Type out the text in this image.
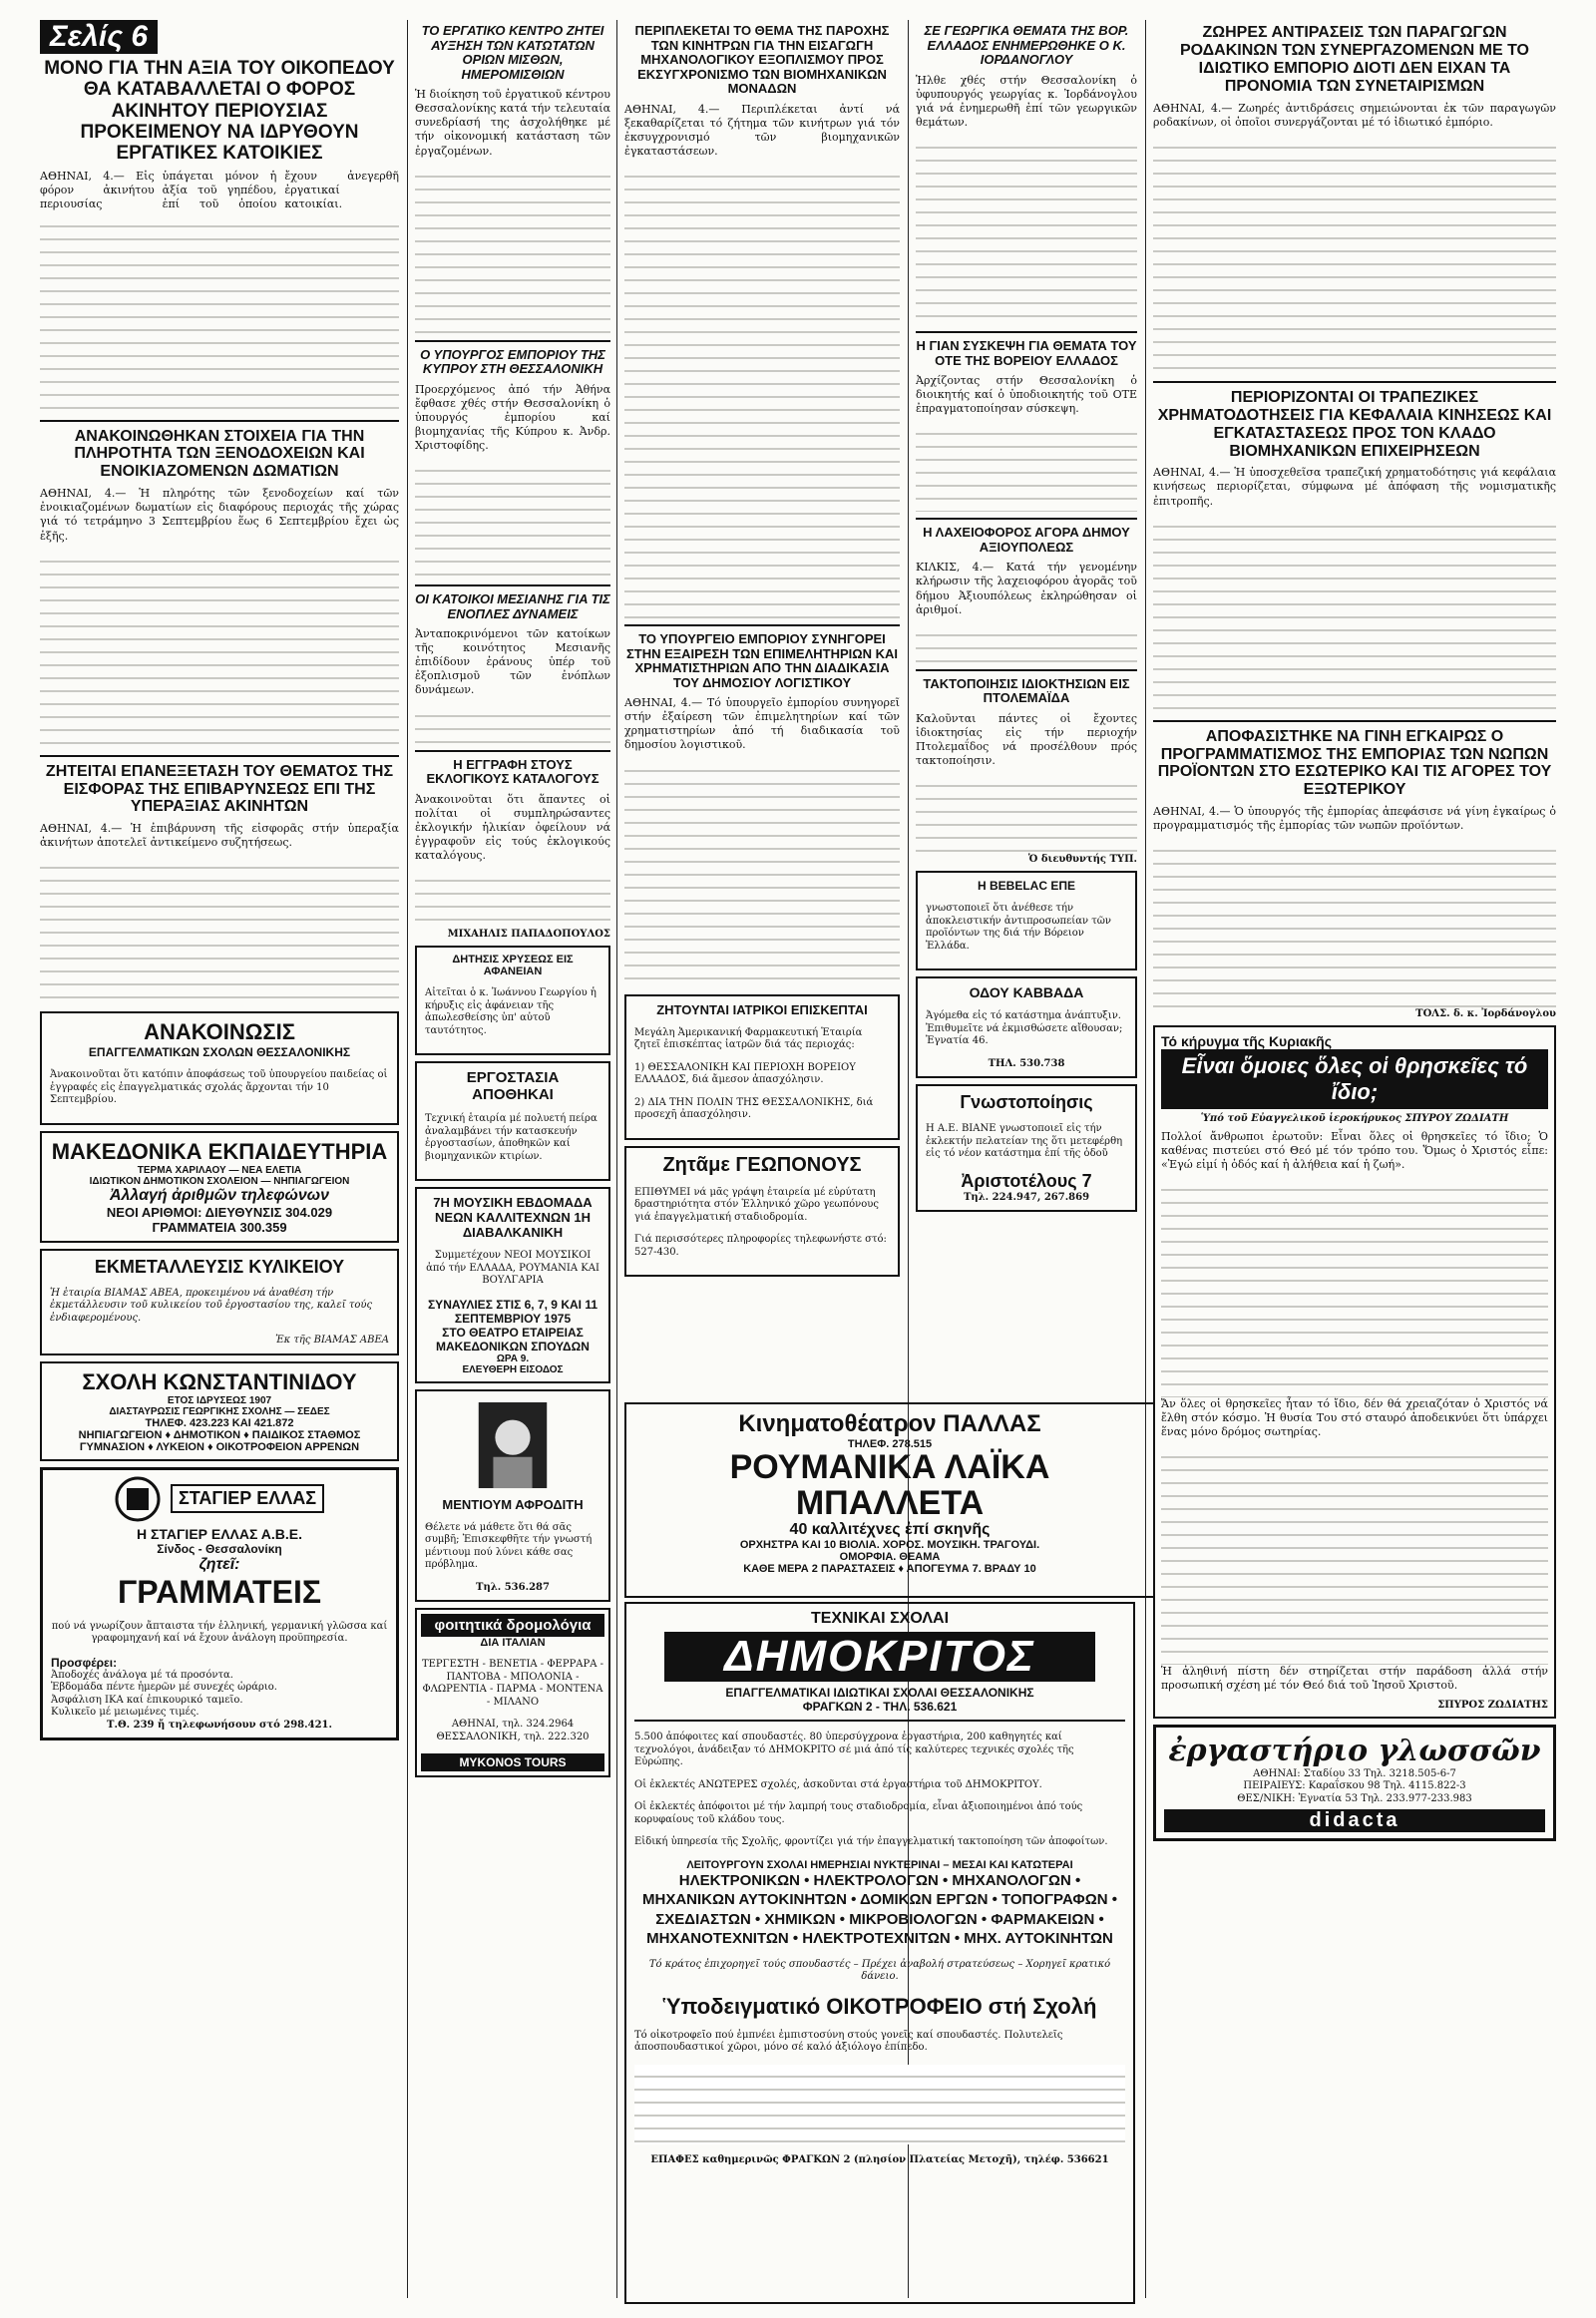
Σελίς 6
ΜΟΝΟ ΓΙΑ ΤΗΝ ΑΞΙΑ ΤΟΥ ΟΙΚΟΠΕΔΟΥ ΘΑ ΚΑΤΑΒΑΛΛΕΤΑΙ Ο ΦΟΡΟΣ ΑΚΙΝΗΤΟΥ ΠΕΡΙΟΥΣΙΑΣ ΠΡΟΚΕΙΜΕΝΟΥ ΝΑ ΙΔΡΥΘΟΥΝ ΕΡΓΑΤΙΚΕΣ ΚΑΤΟΙΚΙΕΣ

ΑΘΗΝΑΙ, 4.— Εἰς φόρον ἀκινήτου περιουσίας ὑπάγεται μόνον ἡ ἀξία τοῦ γηπέδου, ἐπί τοῦ ὁποίου ἔχουν ἀνεγερθῆ ἐργατικαί κατοικίαι.

ΑΝΑΚΟΙΝΩΘΗΚΑΝ ΣΤΟΙΧΕΙΑ ΓΙΑ ΤΗΝ ΠΛΗΡΟΤΗΤΑ ΤΩΝ ΞΕΝΟΔΟΧΕΙΩΝ ΚΑΙ ΕΝΟΙΚΙΑΖΟΜΕΝΩΝ ΔΩΜΑΤΙΩΝ

ΑΘΗΝΑΙ, 4.— Ἡ πληρότης τῶν ξενοδοχείων καί τῶν ἐνοικιαζομένων δωματίων εἰς διαφόρους περιοχάς τῆς χώρας γιά τό τετράμηνο 3 Σεπτεμβρίου ἕως 6 Σεπτεμβρίου ἔχει ὡς ἑξῆς.

ΖΗΤΕΙΤΑΙ ΕΠΑΝΕΞΕΤΑΣΗ ΤΟΥ ΘΕΜΑΤΟΣ ΤΗΣ ΕΙΣΦΟΡΑΣ ΤΗΣ ΕΠΙΒΑΡΥΝΣΕΩΣ ΕΠΙ ΤΗΣ ΥΠΕΡΑΞΙΑΣ ΑΚΙΝΗΤΩΝ

ΑΘΗΝΑΙ, 4.— Ἡ ἐπιβάρυνση τῆς εἰσφορᾶς στήν ὑπεραξία ἀκινήτων ἀποτελεῖ ἀντικείμενο συζητήσεως.

ΑΝΑΚΟΙΝΩΣΙΣ
ΕΠΑΓΓΕΛΜΑΤΙΚΩΝ ΣΧΟΛΩΝ ΘΕΣΣΑΛΟΝΙΚΗΣ

Ἀνακοινοῦται ὅτι κατόπιν ἀποφάσεως τοῦ ὑπουργείου παιδείας οἱ ἐγγραφές εἰς ἐπαγγελματικάς σχολάς ἄρχονται τήν 10 Σεπτεμβρίου.

ΜΑΚΕΔΟΝΙΚΑ ΕΚΠΑΙΔΕΥΤΗΡΙΑ
ΤΕΡΜΑ ΧΑΡΙΛΑΟΥ — ΝΕΑ ΕΛΕΤΙΑ
ΙΔΙΩΤΙΚΟΝ ΔΗΜΟΤΙΚΟΝ ΣΧΟΛΕΙΟΝ — ΝΗΠΙΑΓΩΓΕΙΟΝ
Ἀλλαγή ἀριθμῶν τηλεφώνων
ΝΕΟΙ ΑΡΙΘΜΟΙ: ΔΙΕΥΘΥΝΣΙΣ 304.029
ΓΡΑΜΜΑΤΕΙΑ 300.359
ΕΚΜΕΤΑΛΛΕΥΣΙΣ ΚΥΛΙΚΕΙΟΥ

Ἡ ἑταιρία ΒΙΑΜΑΣ ΑΒΕΑ, προκειμένου νά ἀναθέση τήν ἐκμετάλλευσιν τοῦ κυλικείου τοῦ ἐργοστασίου της, καλεῖ τούς ἐνδιαφερομένους.

Ἐκ τῆς ΒΙΑΜΑΣ ΑΒΕΑ
ΣΧΟΛΗ ΚΩΝΣΤΑΝΤΙΝΙΔΟΥ
ΕΤΟΣ ΙΔΡΥΣΕΩΣ 1907
ΔΙΑΣΤΑΥΡΩΣΙΣ ΓΕΩΡΓΙΚΗΣ ΣΧΟΛΗΣ — ΣΕΔΕΣ
ΤΗΛΕΦ. 423.223 ΚΑΙ 421.872
ΝΗΠΙΑΓΩΓΕΙΟΝ ♦ ΔΗΜΟΤΙΚΟΝ ♦ ΠΑΙΔΙΚΟΣ ΣΤΑΘΜΟΣ
ΓΥΜΝΑΣΙΟΝ ♦ ΛΥΚΕΙΟΝ ♦ ΟΙΚΟΤΡΟΦΕΙΟΝ ΑΡΡΕΝΩΝ
ΣΤΑΓΙΕΡ ΕΛΛΑΣ
Η ΣΤΑΓΙΕΡ ΕΛΛΑΣ Α.Β.Ε.
Σίνδος - Θεσσαλονίκη
ζητεῖ:
ΓΡΑΜΜΑΤΕΙΣ

πού νά γνωρίζουν ἄπταιστα τήν ἑλληνική, γερμανική γλῶσσα καί γραφομηχανή καί νά ἔχουν ἀνάλογη προϋπηρεσία.

Προσφέρει:
Ἀποδοχές ἀνάλογα μέ τά προσόντα.
Ἑβδομάδα πέντε ἡμερῶν μέ συνεχές ὡράριο.
Ἀσφάλιση ΙΚΑ καί ἐπικουρικό ταμεῖο.
Κυλικεῖο μέ μειωμένες τιμές.
Τ.Θ. 239 ἤ τηλεφωνήσουν στό 298.421.
ΤΟ ΕΡΓΑΤΙΚΟ ΚΕΝΤΡΟ ΖΗΤΕΙ ΑΥΞΗΣΗ ΤΩΝ ΚΑΤΩΤΑΤΩΝ ΟΡΙΩΝ ΜΙΣΘΩΝ, ΗΜΕΡΟΜΙΣΘΙΩΝ

Ἡ διοίκηση τοῦ ἐργατικοῦ κέντρου Θεσσαλονίκης κατά τήν τελευταία συνεδρίασή της ἀσχολήθηκε μέ τήν οἰκονομική κατάσταση τῶν ἐργαζομένων.

Ο ΥΠΟΥΡΓΟΣ ΕΜΠΟΡΙΟΥ ΤΗΣ ΚΥΠΡΟΥ ΣΤΗ ΘΕΣΣΑΛΟΝΙΚΗ

Προερχόμενος ἀπό τήν Ἀθήνα ἔφθασε χθές στήν Θεσσαλονίκη ὁ ὑπουργός ἐμπορίου καί βιομηχανίας τῆς Κύπρου κ. Ἀνδρ. Χριστοφίδης.

ΟΙ ΚΑΤΟΙΚΟΙ ΜΕΣΙΑΝΗΣ ΓΙΑ ΤΙΣ ΕΝΟΠΛΕΣ ΔΥΝΑΜΕΙΣ

Ἀνταποκρινόμενοι τῶν κατοίκων τῆς κοινότητος Μεσιανῆς ἐπιδίδουν ἐράνους ὑπέρ τοῦ ἐξοπλισμοῦ τῶν ἐνόπλων δυνάμεων.

Η ΕΓΓΡΑΦΗ ΣΤΟΥΣ ΕΚΛΟΓΙΚΟΥΣ ΚΑΤΑΛΟΓΟΥΣ

Ἀνακοινοῦται ὅτι ἅπαντες οἱ πολίται οἱ συμπληρώσαντες ἐκλογικήν ἡλικίαν ὀφείλουν νά ἐγγραφοῦν εἰς τούς ἐκλογικούς καταλόγους.

ΜΙΧΑΗΛΙΣ ΠΑΠΑΔΟΠΟΥΛΟΣ
ΔΗΤΗΣΙΣ ΧΡΥΣΕΩΣ ΕΙΣ ΑΦΑΝΕΙΑΝ

Αἰτεῖται ὁ κ. Ἰωάννου Γεωργίου ἡ κήρυξις εἰς ἀφάνειαν τῆς ἀπωλεσθείσης ὑπ' αὐτοῦ ταυτότητος.

ΕΡΓΟΣΤΑΣΙΑ
ΑΠΟΘΗΚΑΙ

Τεχνική ἑταιρία μέ πολυετή πείρα ἀναλαμβάνει τήν κατασκευήν ἐργοστασίων, ἀποθηκῶν καί βιομηχανικῶν κτιρίων.

7Η ΜΟΥΣΙΚΗ ΕΒΔΟΜΑΔΑ ΝΕΩΝ ΚΑΛΛΙΤΕΧΝΩΝ 1Η ΔΙΑΒΑΛΚΑΝΙΚΗ

Συμμετέχουν ΝΕΟΙ ΜΟΥΣΙΚΟΙ ἀπό τήν ΕΛΛΑΔΑ, ΡΟΥΜΑΝΙΑ ΚΑΙ ΒΟΥΛΓΑΡΙΑ

ΣΥΝΑΥΛΙΕΣ ΣΤΙΣ 6, 7, 9 ΚΑΙ 11 ΣΕΠΤΕΜΒΡΙΟΥ 1975
ΣΤΟ ΘΕΑΤΡΟ ΕΤΑΙΡΕΙΑΣ ΜΑΚΕΔΟΝΙΚΩΝ ΣΠΟΥΔΩΝ
ΩΡΑ 9.
ΕΛΕΥΘΕΡΗ ΕΙΣΟΔΟΣ
ΜΕΝΤΙΟΥΜ ΑΦΡΟΔΙΤΗ

Θέλετε νά μάθετε ὅτι θά σᾶς συμβῆ; Ἐπισκεφθῆτε τήν γνωστή μέντιουμ πού λύνει κάθε σας πρόβλημα.

Τηλ. 536.287
φοιτητικά δρομολόγια
ΔΙΑ ΙΤΑΛΙΑΝ

ΤΕΡΓΕΣΤΗ - ΒΕΝΕΤΙΑ - ΦΕΡΡΑΡΑ - ΠΑΝΤΟΒΑ - ΜΠΟΛΟΝΙΑ - ΦΛΩΡΕΝΤΙΑ - ΠΑΡΜΑ - ΜΟΝΤΕΝΑ - ΜΙΛΑΝΟ

ΑΘΗΝΑΙ, τηλ. 324.2964 ΘΕΣΣΑΛΟΝΙΚΗ, τηλ. 222.320

MYKONOS TOURS
ΠΕΡΙΠΛΕΚΕΤΑΙ ΤΟ ΘΕΜΑ ΤΗΣ ΠΑΡΟΧΗΣ ΤΩΝ ΚΙΝΗΤΡΩΝ ΓΙΑ ΤΗΝ ΕΙΣΑΓΩΓΗ ΜΗΧΑΝΟΛΟΓΙΚΟΥ ΕΞΟΠΛΙΣΜΟΥ ΠΡΟΣ ΕΚΣΥΓΧΡΟΝΙΣΜΟ ΤΩΝ ΒΙΟΜΗΧΑΝΙΚΩΝ ΜΟΝΑΔΩΝ

ΑΘΗΝΑΙ, 4.— Περιπλέκεται ἀντί νά ξεκαθαρίζεται τό ζήτημα τῶν κινήτρων γιά τόν ἐκσυγχρονισμό τῶν βιομηχανικῶν ἐγκαταστάσεων.

ΤΟ ΥΠΟΥΡΓΕΙΟ ΕΜΠΟΡΙΟΥ ΣΥΝΗΓΟΡΕΙ ΣΤΗΝ ΕΞΑΙΡΕΣΗ ΤΩΝ ΕΠΙΜΕΛΗΤΗΡΙΩΝ ΚΑΙ ΧΡΗΜΑΤΙΣΤΗΡΙΩΝ ΑΠΟ ΤΗΝ ΔΙΑΔΙΚΑΣΙΑ ΤΟΥ ΔΗΜΟΣΙΟΥ ΛΟΓΙΣΤΙΚΟΥ

ΑΘΗΝΑΙ, 4.— Τό ὑπουργεῖο ἐμπορίου συνηγορεῖ στήν ἐξαίρεση τῶν ἐπιμελητηρίων καί τῶν χρηματιστηρίων ἀπό τή διαδικασία τοῦ δημοσίου λογιστικοῦ.

ΖΗΤΟΥΝΤΑΙ ΙΑΤΡΙΚΟΙ ΕΠΙΣΚΕΠΤΑΙ

Μεγάλη Ἀμερικανική Φαρμακευτική Ἑταιρία ζητεῖ ἐπισκέπτας ἰατρῶν διά τάς περιοχάς:

1) ΘΕΣΣΑΛΟΝΙΚΗ ΚΑΙ ΠΕΡΙΟΧΗ ΒΟΡΕΙΟΥ ΕΛΛΑΔΟΣ, διά ἄμεσον ἀπασχόλησιν.

2) ΔΙΑ ΤΗΝ ΠΟΛΙΝ ΤΗΣ ΘΕΣΣΑΛΟΝΙΚΗΣ, διά προσεχῆ ἀπασχόλησιν.

Ζητᾶμε ΓΕΩΠΟΝΟΥΣ

ΕΠΙΘΥΜΕΙ νά μᾶς γράψη ἐταιρεία μέ εὐρύτατη δραστηριότητα στόν Ἑλληνικό χῶρο γεωπόνους γιά ἐπαγγελματική σταδιοδρομία.

Γιά περισσότερες πληροφορίες τηλεφωνήστε στό: 527-430.

Κινηματοθέατρον ΠΑΛΛΑΣ
ΤΗΛΕΦ. 278.515
ΡΟΥΜΑΝΙΚΑ ΛΑΪΚΑ ΜΠΑΛΛΕΤΑ
40 καλλιτέχνες ἐπί σκηνῆς
ΟΡΧΗΣΤΡΑ ΚΑΙ 10 ΒΙΟΛΙΑ. ΧΟΡΟΣ. ΜΟΥΣΙΚΗ. ΤΡΑΓΟΥΔΙ.
ΟΜΟΡΦΙΑ. ΘΕΑΜΑ
ΚΑΘΕ ΜΕΡΑ 2 ΠΑΡΑΣΤΑΣΕΙΣ ♦ ΑΠΟΓΕΥΜΑ 7. ΒΡΑΔΥ 10
ΤΕΧΝΙΚΑΙ ΣΧΟΛΑΙ
ΔΗΜΟΚΡΙΤΟΣ
ΕΠΑΓΓΕΛΜΑΤΙΚΑΙ ΙΔΙΩΤΙΚΑΙ ΣΧΟΛΑΙ ΘΕΣΣΑΛΟΝΙΚΗΣ
ΦΡΑΓΚΩΝ 2 - ΤΗΛ. 536.621

5.500 ἀπόφοιτες καί σπουδαστές. 80 ὑπερσύγχρονα ἐργαστήρια, 200 καθηγητές καί τεχνολόγοι, ἀνάδειξαν τό ΔΗΜΟΚΡΙΤΟ σέ μιά ἀπό τίς καλύτερες τεχνικές σχολές τῆς Εὐρώπης.

Οἱ ἐκλεκτές ΑΝΩΤΕΡΕΣ σχολές, ἀσκοῦνται στά ἐργαστήρια τοῦ ΔΗΜΟΚΡΙΤΟΥ.

Οἱ ἐκλεκτές ἀπόφοιτοι μέ τήν λαμπρή τους σταδιοδρομία, εἶναι ἀξιοποιημένοι ἀπό τούς κορυφαίους τοῦ κλάδου τους.

Εἰδική ὑπηρεσία τῆς Σχολῆς, φροντίζει γιά τήν ἐπαγγελματική τακτοποίηση τῶν ἀποφοίτων.

ΛΕΙΤΟΥΡΓΟΥΝ ΣΧΟΛΑΙ ΗΜΕΡΗΣΙΑΙ ΝΥΚΤΕΡΙΝΑΙ – ΜΕΣΑΙ ΚΑΙ ΚΑΤΩΤΕΡΑΙ
ΗΛΕΚΤΡΟΝΙΚΩΝ • ΗΛΕΚΤΡΟΛΟΓΩΝ • ΜΗΧΑΝΟΛΟΓΩΝ • ΜΗΧΑΝΙΚΩΝ ΑΥΤΟΚΙΝΗΤΩΝ • ΔΟΜΙΚΩΝ ΕΡΓΩΝ • ΤΟΠΟΓΡΑΦΩΝ • ΣΧΕΔΙΑΣΤΩΝ • ΧΗΜΙΚΩΝ • ΜΙΚΡΟΒΙΟΛΟΓΩΝ • ΦΑΡΜΑΚΕΙΩΝ • ΜΗΧΑΝΟΤΕΧΝΙΤΩΝ • ΗΛΕΚΤΡΟΤΕΧΝΙΤΩΝ • ΜΗΧ. ΑΥΤΟΚΙΝΗΤΩΝ

Τό κράτος ἐπιχορηγεῖ τούς σπουδαστές – Πρέχει ἀναβολή στρατεύσεως – Χορηγεῖ κρατικό δάνειο.

Ὑποδειγματικό ΟΙΚΟΤΡΟΦΕΙΟ στή Σχολή

Τό οἰκοτροφεῖο πού ἐμπνέει ἐμπιστοσύνη στούς γονεῖς καί σπουδαστές. Πολυτελεῖς ἀποσπουδαστικοί χῶροι, μόνο σέ καλό ἀξιόλογο ἐπίπεδο.

ΕΠΑΦΕΣ καθημερινῶς ΦΡΑΓΚΩΝ 2 (πλησίον Πλατείας Μετοχῆ), τηλέφ. 536621

ΣΕ ΓΕΩΡΓΙΚΑ ΘΕΜΑΤΑ ΤΗΣ ΒΟΡ. ΕΛΛΑΔΟΣ ΕΝΗΜΕΡΩΘΗΚΕ Ο Κ. ΙΟΡΔΑΝΟΓΛΟΥ

Ἡλθε χθές στήν Θεσσαλονίκη ὁ ὑφυπουργός γεωργίας κ. Ἰορδάνογλου γιά νά ἐνημερωθῆ ἐπί τῶν γεωργικῶν θεμάτων.

Η ΓΙΑΝ ΣΥΣΚΕΨΗ ΓΙΑ ΘΕΜΑΤΑ ΤΟΥ ΟΤΕ ΤΗΣ ΒΟΡΕΙΟΥ ΕΛΛΑΔΟΣ

Ἀρχίζοντας στήν Θεσσαλονίκη ὁ διοικητής καί ὁ ὑποδιοικητής τοῦ ΟΤΕ ἐπραγματοποίησαν σύσκεψη.

Η ΛΑΧΕΙΟΦΟΡΟΣ ΑΓΟΡΑ ΔΗΜΟΥ ΑΞΙΟΥΠΟΛΕΩΣ

ΚΙΛΚΙΣ, 4.— Κατά τήν γενομένην κλήρωσιν τῆς λαχειοφόρου ἀγορᾶς τοῦ δήμου Ἀξιουπόλεως ἐκληρώθησαν οἱ ἀριθμοί.

ΤΑΚΤΟΠΟΙΗΣΙΣ ΙΔΙΟΚΤΗΣΙΩΝ ΕΙΣ ΠΤΟΛΕΜΑΪΔΑ

Καλοῦνται πάντες οἱ ἔχοντες ἰδιοκτησίας εἰς τήν περιοχήν Πτολεμαΐδος νά προσέλθουν πρός τακτοποίησιν.

Ὁ διευθυντής ΤΥΠ.
Η BEBELAC ΕΠΕ

γνωστοποιεῖ ὅτι ἀνέθεσε τήν ἀποκλειστικήν ἀντιπροσωπείαν τῶν προϊόντων της διά τήν Βόρειον Ἑλλάδα.

ΟΔΟΥ ΚΑΒΒΑΔΑ

Ἀγόμεθα εἰς τό κατάστημα ἀνάπτυξιν. Ἐπιθυμεῖτε νά ἐκμισθώσετε αἴθουσαν; Ἐγνατία 46.

ΤΗΛ. 530.738
Γνωστοποίησις

Η Α.Ε. ΒΙΑΝΕ γνωστοποιεῖ εἰς τήν ἐκλεκτήν πελατείαν της ὅτι μετεφέρθη εἰς τό νέον κατάστημα ἐπί τῆς ὁδοῦ

Ἀριστοτέλους 7
Τηλ. 224.947, 267.869
ΖΩΗΡΕΣ ΑΝΤΙΡΑΣΕΙΣ ΤΩΝ ΠΑΡΑΓΩΓΩΝ ΡΟΔΑΚΙΝΩΝ ΤΩΝ ΣΥΝΕΡΓΑΖΟΜΕΝΩΝ ΜΕ ΤΟ ΙΔΙΩΤΙΚΟ ΕΜΠΟΡΙΟ ΔΙΟΤΙ ΔΕΝ ΕΙΧΑΝ ΤΑ ΠΡΟΝΟΜΙΑ ΤΩΝ ΣΥΝΕΤΑΙΡΙΣΜΩΝ

ΑΘΗΝΑΙ, 4.— Ζωηρές ἀντιδράσεις σημειώνονται ἐκ τῶν παραγωγῶν ροδακίνων, οἱ ὁποῖοι συνεργάζονται μέ τό ἰδιωτικό ἐμπόριο.

ΠΕΡΙΟΡΙΖΟΝΤΑΙ ΟΙ ΤΡΑΠΕΖΙΚΕΣ ΧΡΗΜΑΤΟΔΟΤΗΣΕΙΣ ΓΙΑ ΚΕΦΑΛΑΙΑ ΚΙΝΗΣΕΩΣ ΚΑΙ ΕΓΚΑΤΑΣΤΑΣΕΩΣ ΠΡΟΣ ΤΟΝ ΚΛΑΔΟ ΒΙΟΜΗΧΑΝΙΚΩΝ ΕΠΙΧΕΙΡΗΣΕΩΝ

ΑΘΗΝΑΙ, 4.— Ἡ ὑποσχεθεῖσα τραπεζική χρηματοδότησις γιά κεφάλαια κινήσεως περιορίζεται, σύμφωνα μέ ἀπόφαση τῆς νομισματικῆς ἐπιτροπῆς.

ΑΠΟΦΑΣΙΣΤΗΚΕ ΝΑ ΓΙΝΗ ΕΓΚΑΙΡΩΣ Ο ΠΡΟΓΡΑΜΜΑΤΙΣΜΟΣ ΤΗΣ ΕΜΠΟΡΙΑΣ ΤΩΝ ΝΩΠΩΝ ΠΡΟΪΟΝΤΩΝ ΣΤΟ ΕΣΩΤΕΡΙΚΟ ΚΑΙ ΤΙΣ ΑΓΟΡΕΣ ΤΟΥ ΕΞΩΤΕΡΙΚΟΥ

ΑΘΗΝΑΙ, 4.— Ὁ ὑπουργός τῆς ἐμπορίας ἀπεφάσισε νά γίνη ἐγκαίρως ὁ προγραμματισμός τῆς ἐμπορίας τῶν νωπῶν προϊόντων.

ΤΟΛΣ. δ. κ. Ἰορδάνογλου
Τό κήρυγμα τῆς Κυριακῆς
Εἶναι ὅμοιες ὅλες οἱ θρησκεῖες τό ἴδιο;
Ὑπό τοῦ Εὐαγγελικοῦ ἱεροκήρυκος ΣΠΥΡΟΥ ΖΩΔΙΑΤΗ

Πολλοί ἄνθρωποι ἐρωτοῦν: Εἶναι ὅλες οἱ θρησκεῖες τό ἴδιο; Ὁ καθένας πιστεύει στό Θεό μέ τόν τρόπο του. Ὅμως ὁ Χριστός εἶπε: «Ἐγώ εἰμί ἡ ὁδός καί ἡ ἀλήθεια καί ἡ ζωή».

Ἄν ὅλες οἱ θρησκεῖες ἦταν τό ἴδιο, δέν θά χρειαζόταν ὁ Χριστός νά ἔλθη στόν κόσμο. Ἡ θυσία Του στό σταυρό ἀποδεικνύει ὅτι ὑπάρχει ἕνας μόνο δρόμος σωτηρίας.

Ἡ ἀληθινή πίστη δέν στηρίζεται στήν παράδοση ἀλλά στήν προσωπική σχέση μέ τόν Θεό διά τοῦ Ἰησοῦ Χριστοῦ.

ΣΠΥΡΟΣ ΖΩΔΙΑΤΗΣ
ἐργαστήριο γλωσσῶν
ΑΘΗΝΑΙ: Σταδίου 33 Τηλ. 3218.505-6-7
ΠΕΙΡΑΙΕΥΣ: Καραΐσκου 98 Τηλ. 4115.822-3
ΘΕΣ/ΝΙΚΗ: Ἐγνατία 53 Τηλ. 233.977-233.983
didacta
